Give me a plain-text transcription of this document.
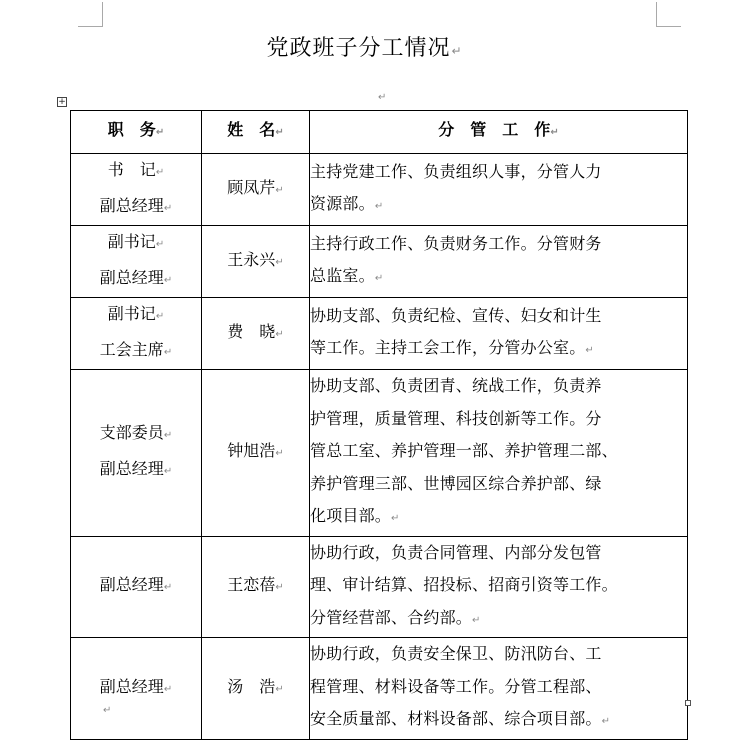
党政班子分工情况↵
+	↵
职　务↵	姓　名↵	分　管　工　作↵

书　记↵
副总经理↵	顾凤芹↵	主持党建工作、负责组织人事，分管人力
资源部。↵

副书记↵
副总经理↵	王永兴↵	主持行政工作、负责财务工作。分管财务
总监室。↵

副书记↵
工会主席↵	费　晓↵	协助支部、负责纪检、宣传、妇女和计生
等工作。主持工会工作，分管办公室。↵

支部委员↵
副总经理↵	钟旭浩↵	协助支部、负责团青、统战工作，负责养
护管理，质量管理、科技创新等工作。分
管总工室、养护管理一部、养护管理二部、
养护管理三部、世博园区综合养护部、绿
化项目部。↵

副总经理↵	王恋蓓↵	协助行政，负责合同管理、内部分发包管
理、审计结算、招投标、招商引资等工作。
分管经营部、合约部。↵

副总经理↵	汤　浩↵	协助行政，负责安全保卫、防汛防台、工
程管理、材料设备等工作。分管工程部、
安全质量部、材料设备部、综合项目部。↵
↵
